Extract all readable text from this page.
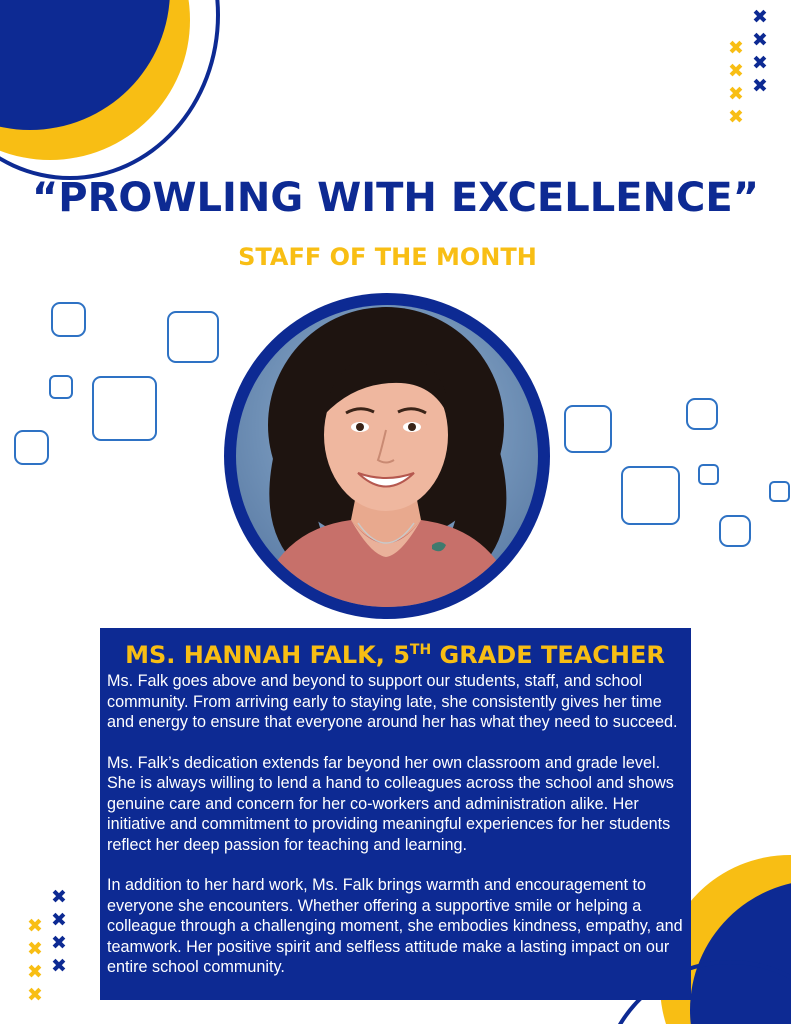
✖
✖
✖
✖
✖
✖
✖
✖
✖
✖
✖
✖
✖
✖
✖
✖
“PROWLING WITH EXCELLENCE”
STAFF OF THE MONTH
MS. HANNAH FALK, 5TH GRADE TEACHER

Ms. Falk goes above and beyond to support our students, staff, and school community. From arriving early to staying late, she consistently gives her time and energy to ensure that everyone around her has what they need to succeed.

Ms. Falk’s dedication extends far beyond her own classroom and grade level. She is always willing to lend a hand to colleagues across the school and shows genuine care and concern for her co-workers and administration alike. Her initiative and commitment to providing meaningful experiences for her students reflect her deep passion for teaching and learning.

In addition to her hard work, Ms. Falk brings warmth and encouragement to everyone she encounters. Whether offering a supportive smile or helping a colleague through a challenging moment, she embodies kindness, empathy, and teamwork. Her positive spirit and selfless attitude make a lasting impact on our entire school community.
